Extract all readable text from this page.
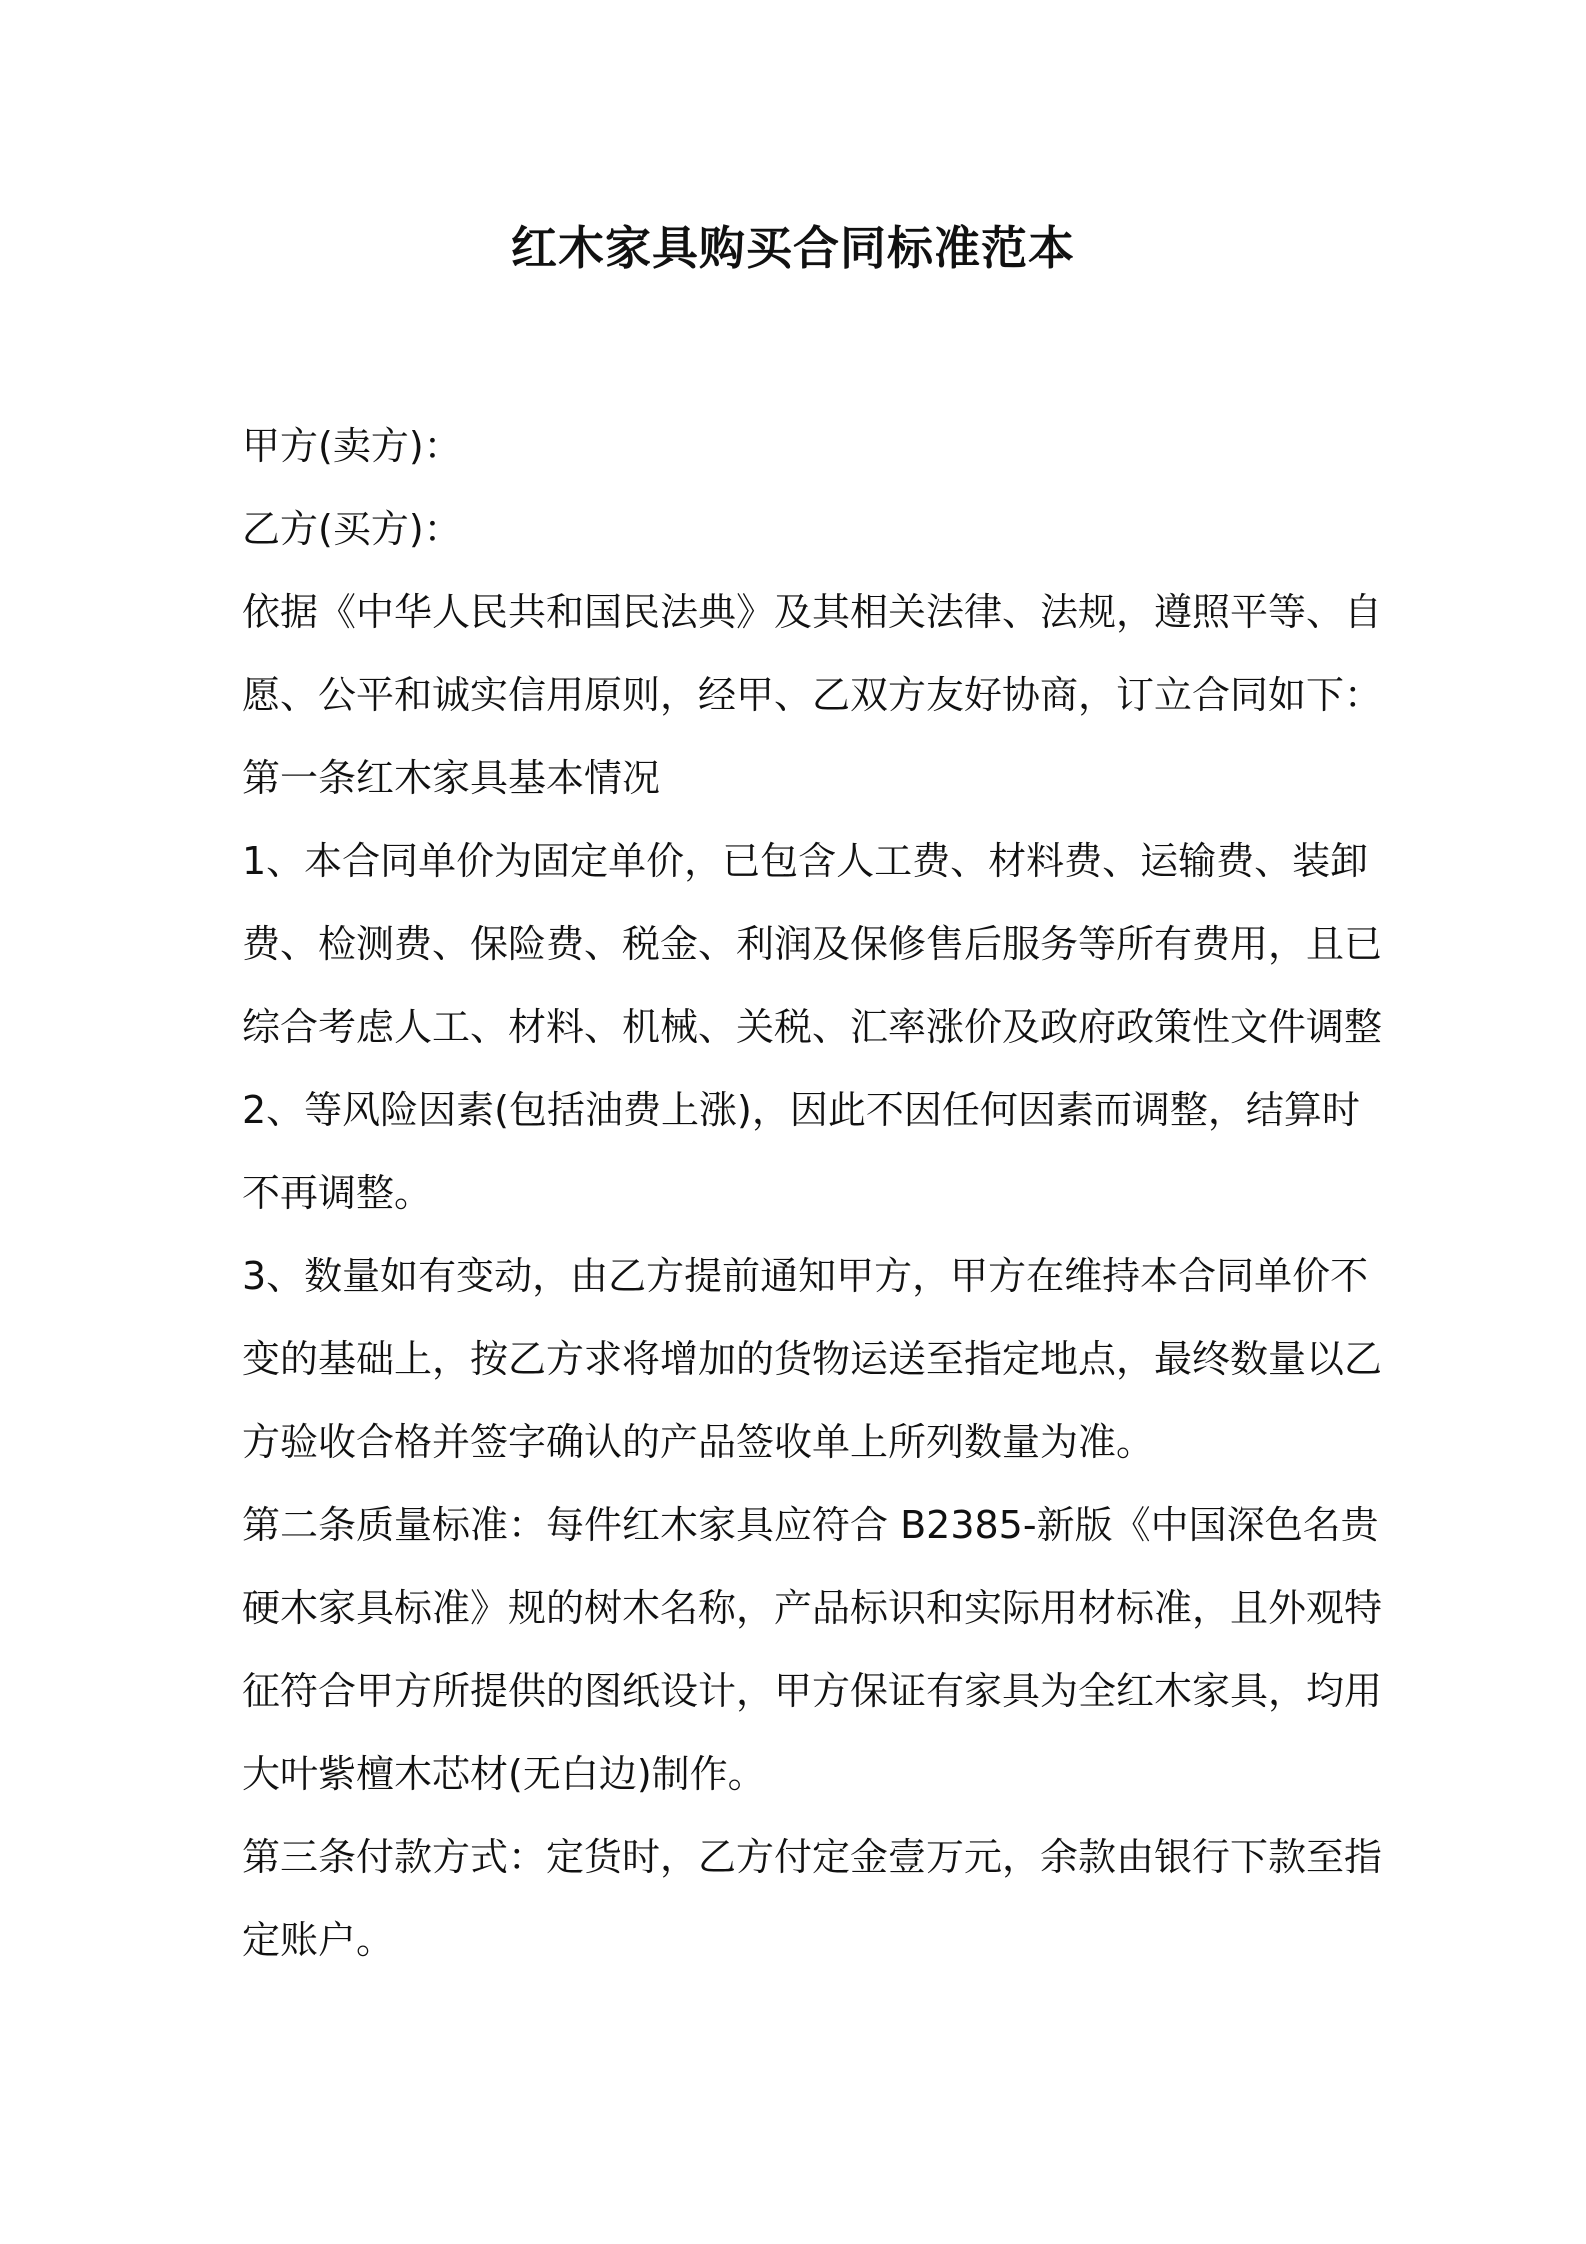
红木家具购买合同标准范本

甲方(卖方)：

乙方(买方)：

依据《中华人民共和国民法典》及其相关法律、法规，遵照平等、自

愿、公平和诚实信用原则，经甲、乙双方友好协商，订立合同如下：

第一条红木家具基本情况

1、本合同单价为固定单价，已包含人工费、材料费、运输费、装卸

费、检测费、保险费、税金、利润及保修售后服务等所有费用，且已

综合考虑人工、材料、机械、关税、汇率涨价及政府政策性文件调整

2、等风险因素(包括油费上涨)，因此不因任何因素而调整，结算时

不再调整。

3、数量如有变动，由乙方提前通知甲方，甲方在维持本合同单价不

变的基础上，按乙方求将增加的货物运送至指定地点，最终数量以乙

方验收合格并签字确认的产品签收单上所列数量为准。

第二条质量标准：每件红木家具应符合 B2385-新版《中国深色名贵

硬木家具标准》规的树木名称，产品标识和实际用材标准，且外观特

征符合甲方所提供的图纸设计，甲方保证有家具为全红木家具，均用

大叶紫檀木芯材(无白边)制作。

第三条付款方式：定货时，乙方付定金壹万元，余款由银行下款至指

定账户。
